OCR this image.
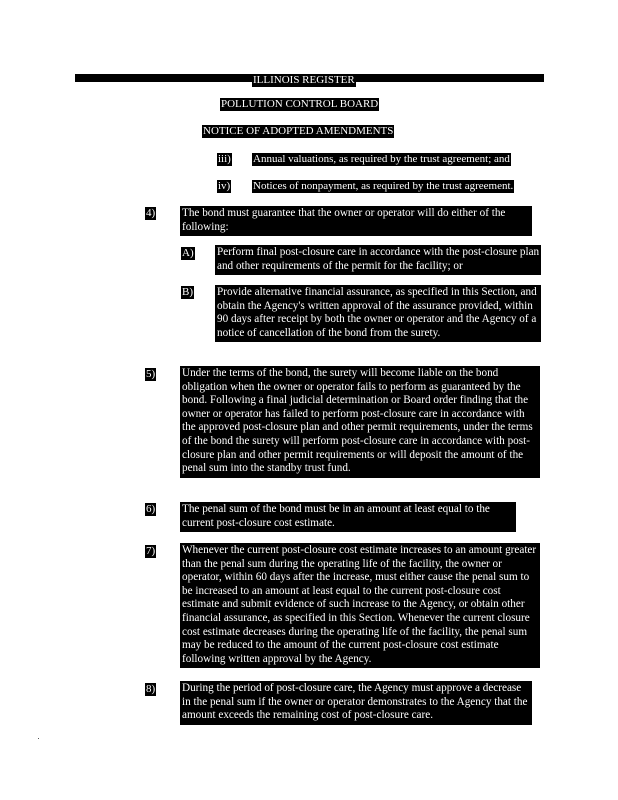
ILLINOIS REGISTER
POLLUTION CONTROL BOARD
NOTICE OF ADOPTED AMENDMENTS
iii) Annual valuations, as required by the trust agreement; and
iv) Notices of nonpayment, as required by the trust agreement.
4) The bond must guarantee that the owner or operator will do either of the following:

A) Perform final post-closure care in accordance with the post-closure plan and other requirements of the permit for the facility; or

B) Provide alternative financial assurance, as specified in this Section, and obtain the Agency's written approval of the assurance provided, within 90 days after receipt by both the owner or operator and the Agency of a notice of cancellation of the bond from the surety.

5) Under the terms of the bond, the surety will become liable on the bond obligation when the owner or operator fails to perform as guaranteed by the bond. Following a final judicial determination or Board order finding that the owner or operator has failed to perform post-closure care in accordance with the approved post-closure plan and other permit requirements, under the terms of the bond the surety will perform post-closure care in accordance with post-closure plan and other permit requirements or will deposit the amount of the penal sum into the standby trust fund.

6) The penal sum of the bond must be in an amount at least equal to the current post-closure cost estimate.

7) Whenever the current post-closure cost estimate increases to an amount greater than the penal sum during the operating life of the facility, the owner or operator, within 60 days after the increase, must either cause the penal sum to be increased to an amount at least equal to the current post-closure cost estimate and submit evidence of such increase to the Agency, or obtain other financial assurance, as specified in this Section. Whenever the current closure cost estimate decreases during the operating life of the facility, the penal sum may be reduced to the amount of the current post-closure cost estimate following written approval by the Agency.

8) During the period of post-closure care, the Agency must approve a decrease in the penal sum if the owner or operator demonstrates to the Agency that the amount exceeds the remaining cost of post-closure care.
